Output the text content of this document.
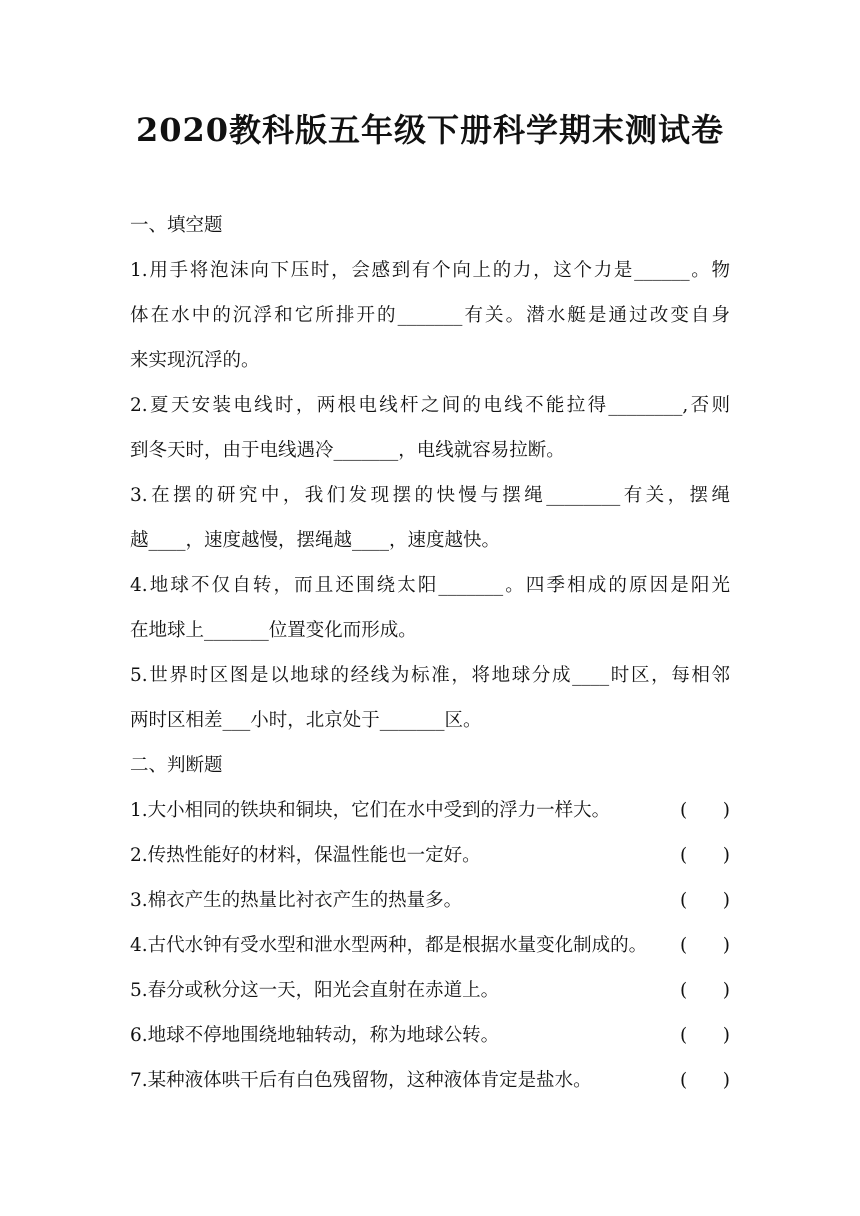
2020教科版五年级下册科学期末测试卷
一、填空题
1.用手将泡沫向下压时，会感到有个向上的力，这个力是______。物
体在水中的沉浮和它所排开的_______有关。潜水艇是通过改变自身
来实现沉浮的。
2.夏天安装电线时，两根电线杆之间的电线不能拉得________,否则
到冬天时，由于电线遇冷_______，电线就容易拉断。
3.在摆的研究中，我们发现摆的快慢与摆绳________有关，摆绳
越____，速度越慢，摆绳越____，速度越快。
4.地球不仅自转，而且还围绕太阳_______。四季相成的原因是阳光
在地球上_______位置变化而形成。
5.世界时区图是以地球的经线为标准，将地球分成____时区，每相邻
两时区相差___小时，北京处于_______区。
二、判断题
1.大小相同的铁块和铜块，它们在水中受到的浮力一样大。	( )
2.传热性能好的材料，保温性能也一定好。	( )
3.棉衣产生的热量比衬衣产生的热量多。	( )
4.古代水钟有受水型和泄水型两种，都是根据水量变化制成的。 ( )
5.春分或秋分这一天，阳光会直射在赤道上。	( )
6.地球不停地围绕地轴转动，称为地球公转。	( )
7.某种液体哄干后有白色残留物，这种液体肯定是盐水。	( )
